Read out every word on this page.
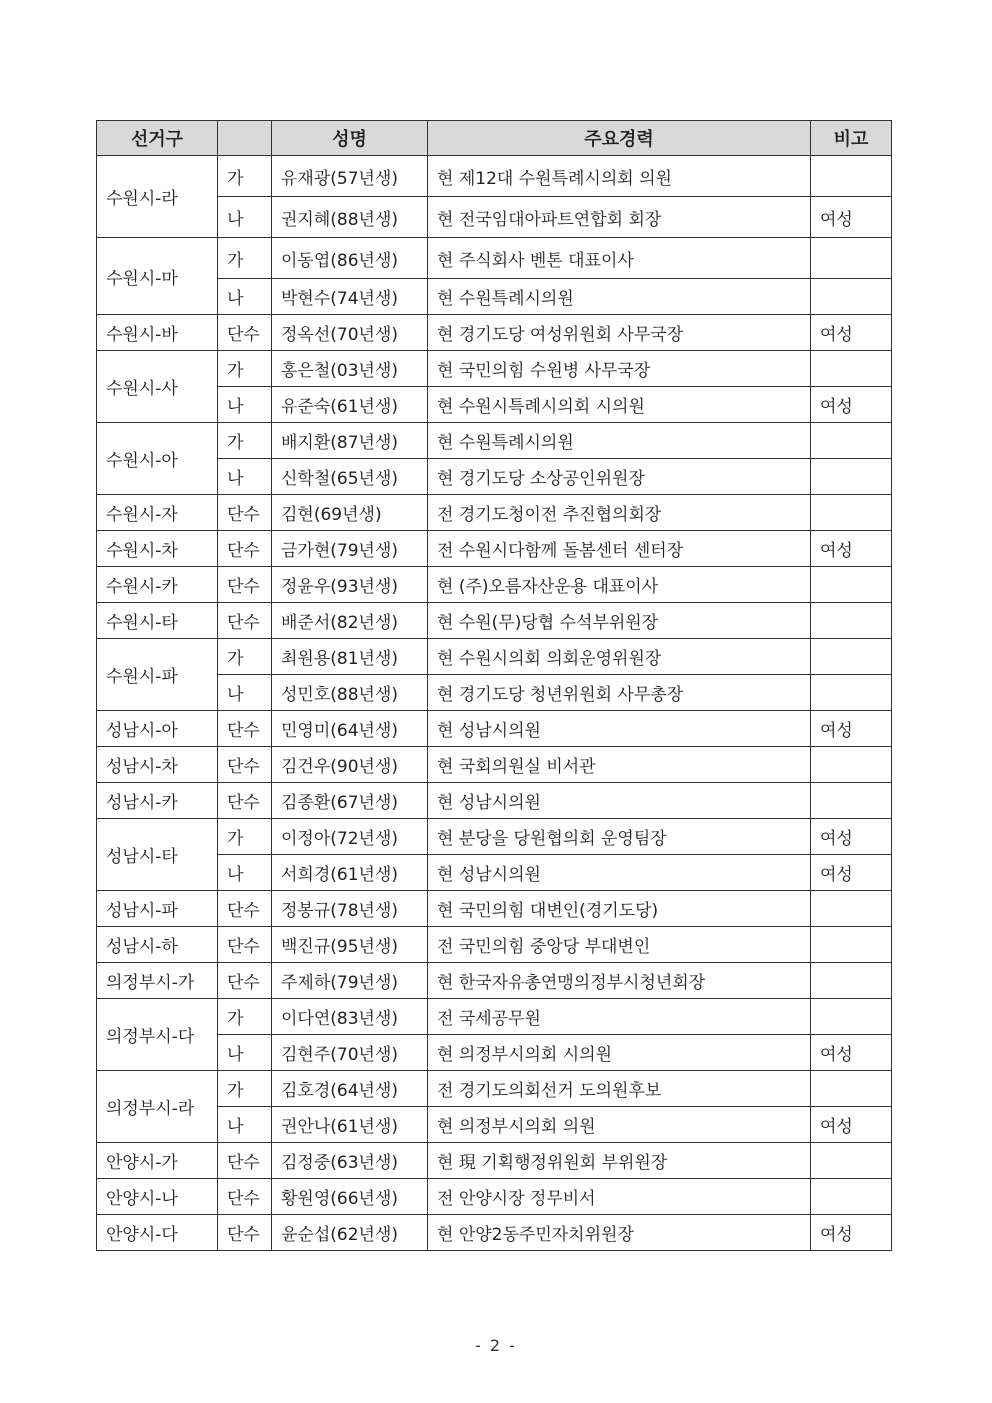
선거구		성명	주요경력	비고
수원시-라	가	유재광(57년생)	현 제12대 수원특례시의회 의원	
	나	권지혜(88년생)	현 전국임대아파트연합회 회장	여성
수원시-마	가	이동엽(86년생)	현 주식회사 벤톤 대표이사	
	나	박현수(74년생)	현 수원특례시의원	
수원시-바	단수	정옥선(70년생)	현 경기도당 여성위원회 사무국장	여성
수원시-사	가	홍은철(03년생)	현 국민의힘 수원병 사무국장	
	나	유준숙(61년생)	현 수원시특례시의회 시의원	여성
수원시-아	가	배지환(87년생)	현 수원특례시의원	
	나	신학철(65년생)	현 경기도당 소상공인위원장	
수원시-자	단수	김현(69년생)	전 경기도청이전 추진협의회장	
수원시-차	단수	금가현(79년생)	전 수원시다함께 돌봄센터 센터장	여성
수원시-카	단수	정윤우(93년생)	현 (주)오름자산운용 대표이사	
수원시-타	단수	배준서(82년생)	현 수원(무)당협 수석부위원장	
수원시-파	가	최원용(81년생)	현 수원시의회 의회운영위원장	
	나	성민호(88년생)	현 경기도당 청년위원회 사무총장	
성남시-아	단수	민영미(64년생)	현 성남시의원	여성
성남시-차	단수	김건우(90년생)	현 국회의원실 비서관	
성남시-카	단수	김종환(67년생)	현 성남시의원	
성남시-타	가	이정아(72년생)	현 분당을 당원협의회 운영팀장	여성
	나	서희경(61년생)	현 성남시의원	여성
성남시-파	단수	정봉규(78년생)	현 국민의힘 대변인(경기도당)	
성남시-하	단수	백진규(95년생)	전 국민의힘 중앙당 부대변인	
의정부시-가	단수	주제하(79년생)	현 한국자유총연맹의정부시청년회장	
의정부시-다	가	이다연(83년생)	전 국세공무원	
	나	김현주(70년생)	현 의정부시의회 시의원	여성
의정부시-라	가	김호경(64년생)	전 경기도의회선거 도의원후보	
	나	권안나(61년생)	현 의정부시의회 의원	여성
안양시-가	단수	김정중(63년생)	현 現 기획행정위원회 부위원장	
안양시-나	단수	황원영(66년생)	전 안양시장 정무비서	
안양시-다	단수	윤순섭(62년생)	현 안양2동주민자치위원장	여성
- 2 -
